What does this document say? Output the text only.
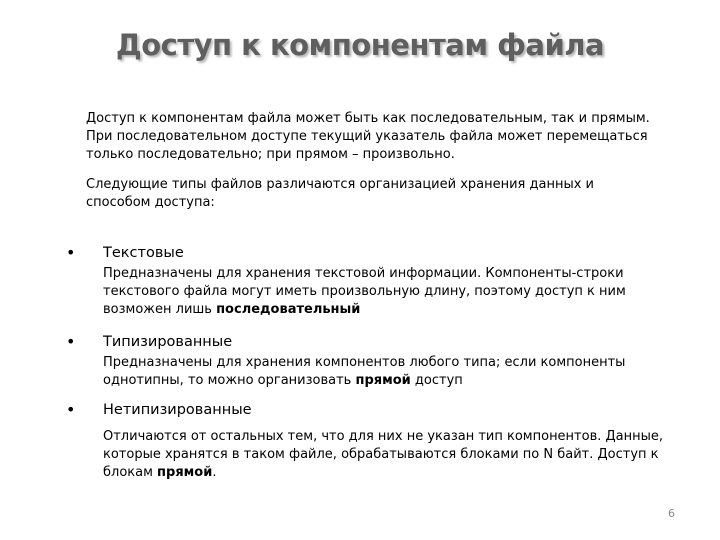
Доступ к компонентам файла

Доступ к компонентам файла может быть как последовательным, так и прямым.
При последовательном доступе текущий указатель файла может перемещаться
только последовательно; при прямом – произвольно.

Следующие типы файлов различаются организацией хранения данных и
способом доступа:

• Текстовые

Предназначены для хранения текстовой информации. Компоненты-строки
текстового файла могут иметь произвольную длину, поэтому доступ к ним
возможен лишь последовательный

• Типизированные

Предназначены для хранения компонентов любого типа; если компоненты
однотипны, то можно организовать прямой доступ

• Нетипизированные

Отличаются от остальных тем, что для них не указан тип компонентов. Данные,
которые хранятся в таком файле, обрабатываются блоками по N байт. Доступ к
блокам прямой.

6
